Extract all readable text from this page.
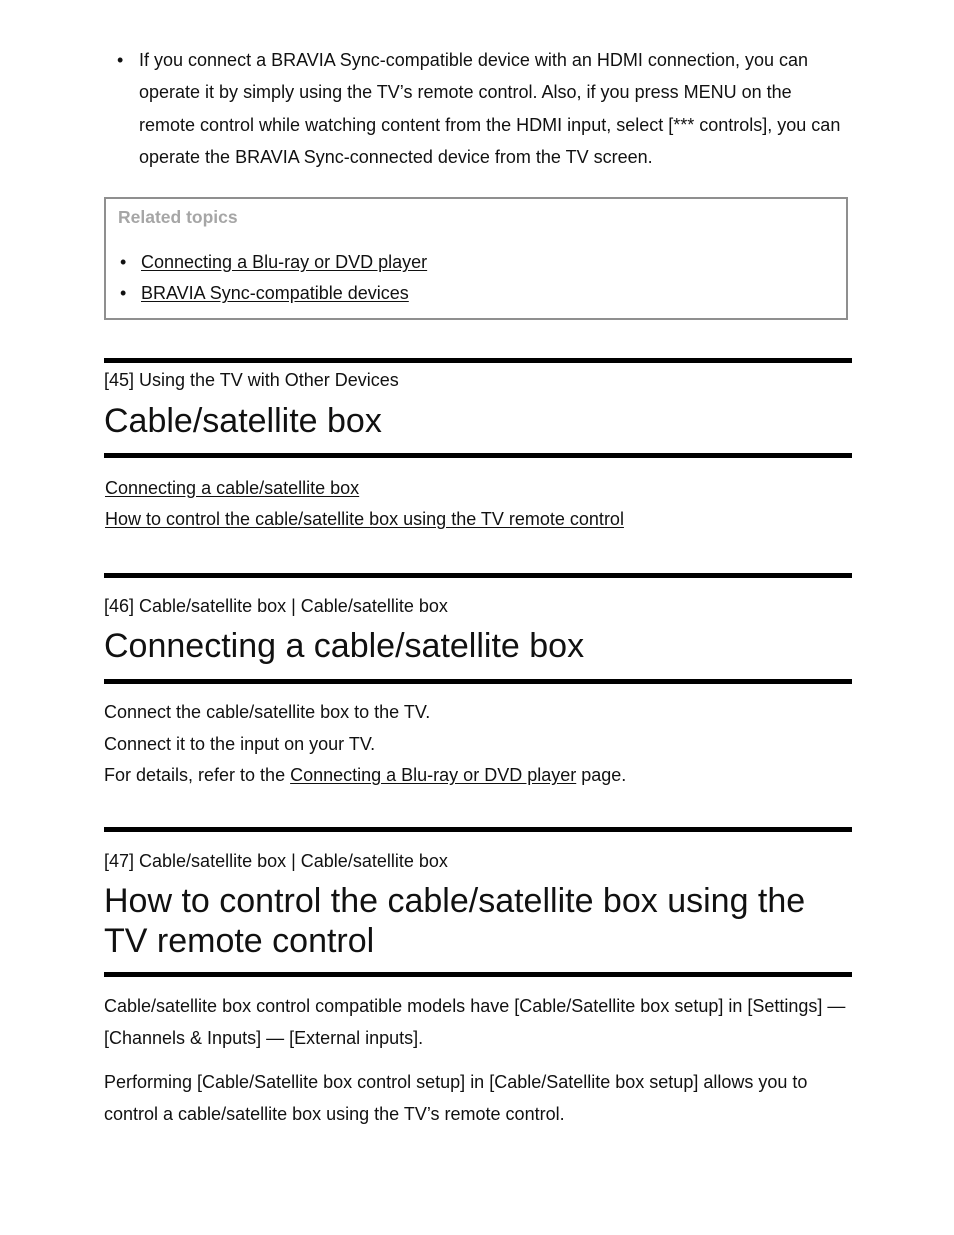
• If you connect a BRAVIA Sync-compatible device with an HDMI connection, you can operate it by simply using the TV’s remote control. Also, if you press MENU on the remote control while watching content from the HDMI input, select [*** controls], you can operate the BRAVIA Sync-connected device from the TV screen.
Related topics
• Connecting a Blu-ray or DVD player
• BRAVIA Sync-compatible devices
[45] Using the TV with Other Devices
Cable/satellite box
Connecting a cable/satellite box
How to control the cable/satellite box using the TV remote control
[46] Cable/satellite box | Cable/satellite box
Connecting a cable/satellite box

Connect the cable/satellite box to the TV.

Connect it to the input on your TV.

For details, refer to the Connecting a Blu-ray or DVD player page.

[47] Cable/satellite box | Cable/satellite box
How to control the cable/satellite box using the TV remote control

Cable/satellite box control compatible models have [Cable/Satellite box setup] in [Settings] — [Channels & Inputs] — [External inputs].

Performing [Cable/Satellite box control setup] in [Cable/Satellite box setup] allows you to control a cable/satellite box using the TV’s remote control.
